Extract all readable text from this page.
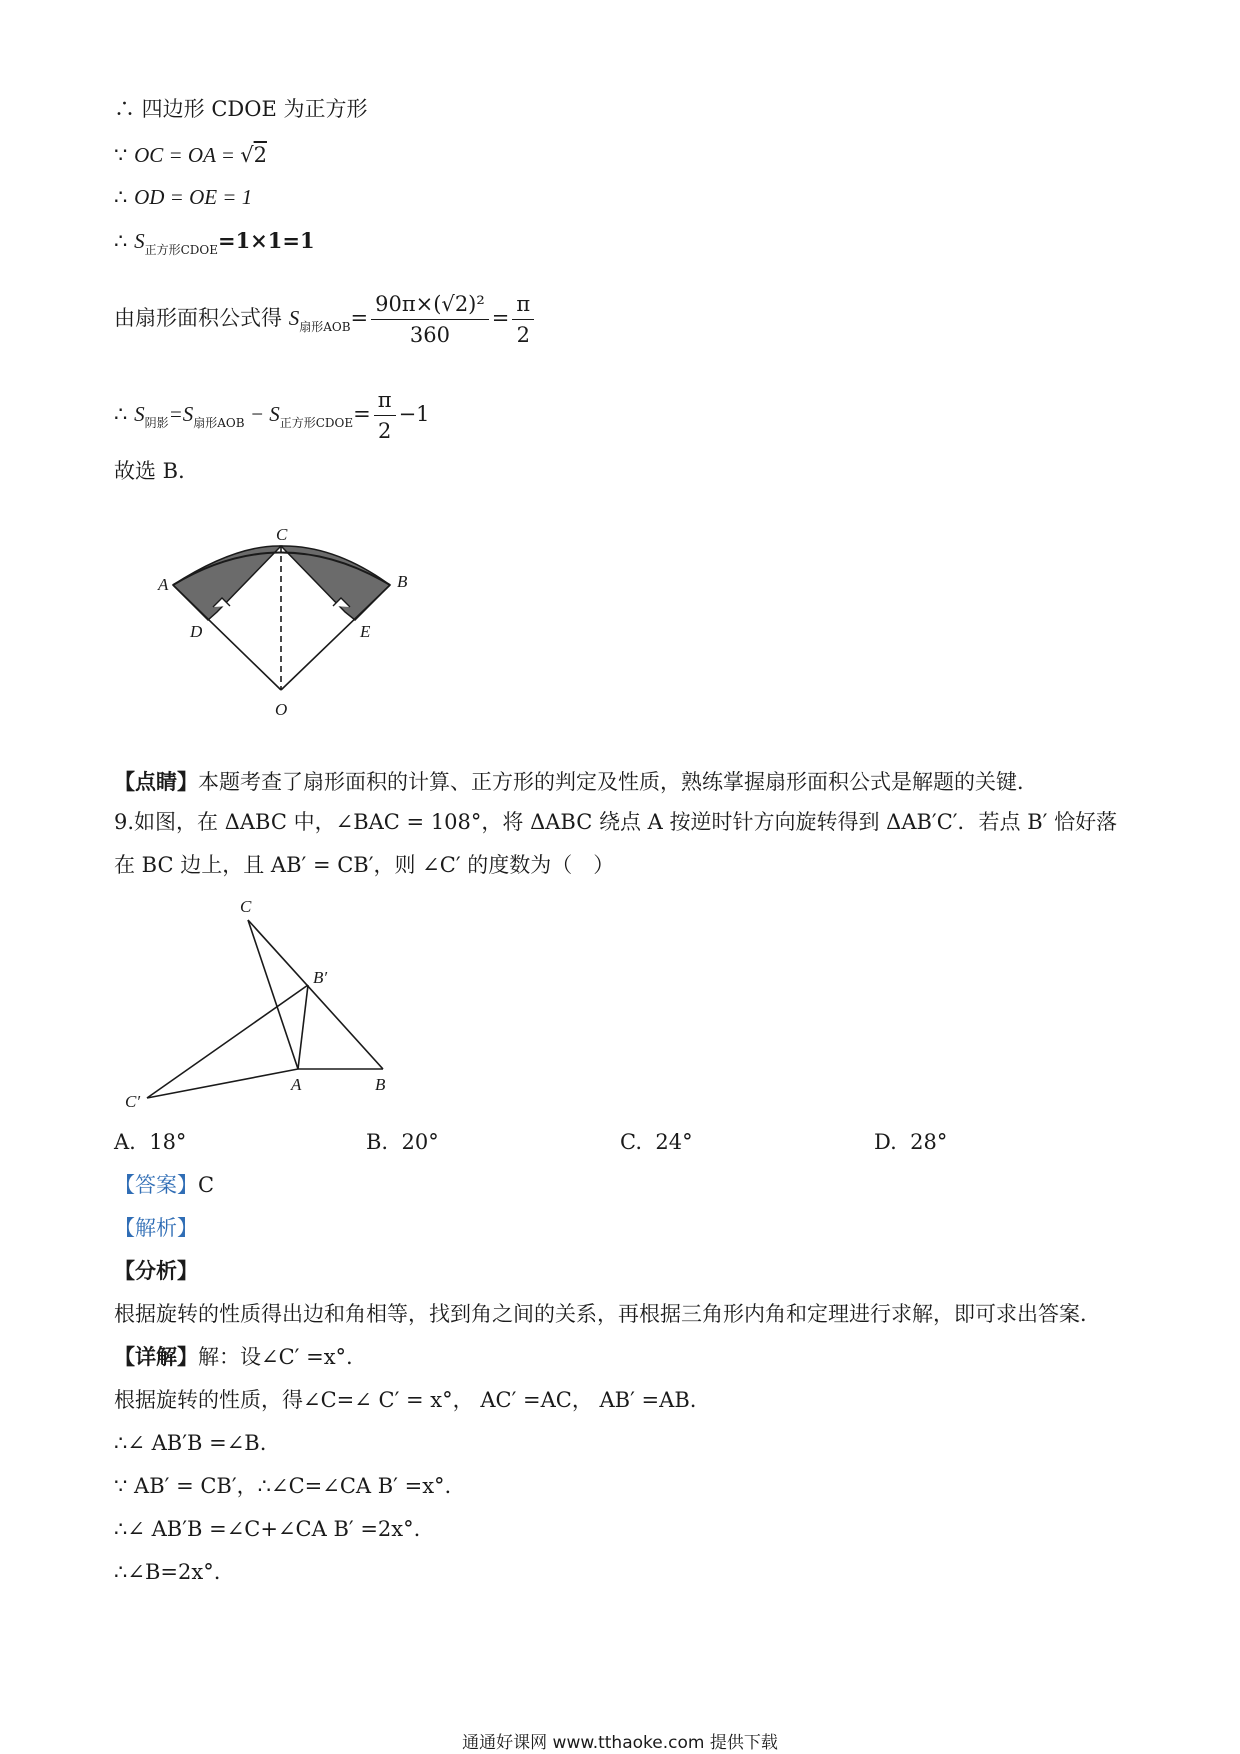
∴ 四边形 CDOE 为正方形
∵ OC = OA = √2
∴ OD = OE = 1
∴ $S_{正方形CDOE}=1\times 1=1$
由扇形面积公式得 $S_{扇形AOB}= \frac{\text{90π×(√2)²}}{360} = \frac{\pi}{2}$
∴ $S_{阴影}=S_{扇形AOB} - S_{正方形CDOE}= \frac{\pi}{2} -1$
故选 B．
C
A	B
D	E
O
【点睛】本题考查了扇形面积的计算、正方形的判定及性质，熟练掌握扇形面积公式是解题的关键．
9.如图，在 ΔABC 中，∠BAC = 108°，将 ΔABC 绕点 A 按逆时针方向旋转得到 ΔAB′C′．若点 B′ 恰好落
在 BC 边上，且 AB′ = CB′，则 ∠C′ 的度数为（　）
C
B′
C′
A	B
A. 18°	B. 20°	C. 24°	D. 28°
【答案】C
【解析】
【分析】
根据旋转的性质得出边和角相等，找到角之间的关系，再根据三角形内角和定理进行求解，即可求出答案．
【详解】解：设∠C′ =x°.
根据旋转的性质，得∠C=∠ C′ = x°， AC′ =AC， AB′ =AB.
∴∠ AB′B =∠B.
∵ AB′ = CB′，∴∠C=∠CA B′ =x°.
∴∠ AB′B =∠C+∠CA B′ =2x°.
∴∠B=2x°.
通通好课网 www.tthaoke.com 提供下载
